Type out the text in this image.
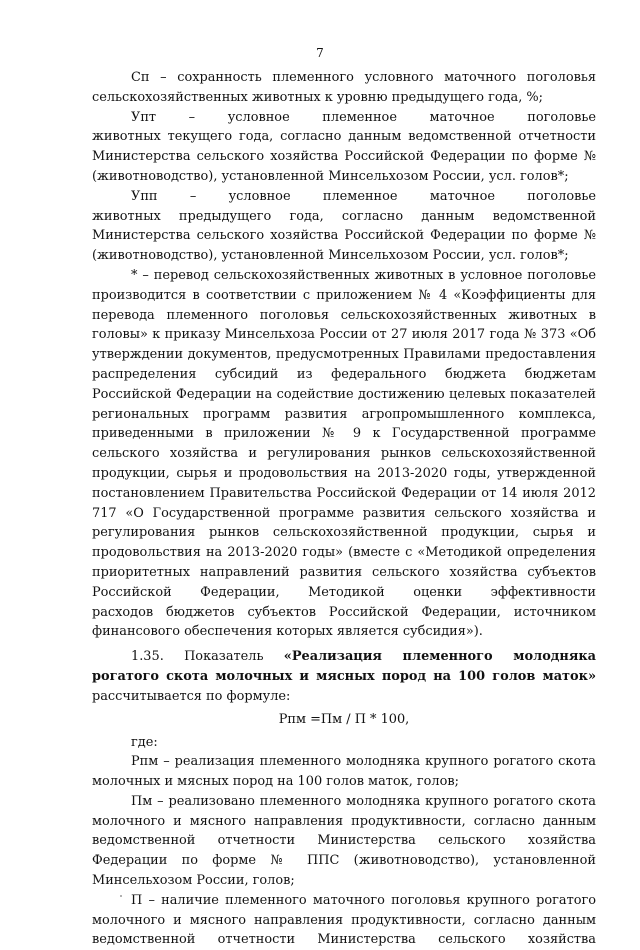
7
Сп – сохранность племенного условного маточного поголовья
сельскохозяйственных животных к уровню предыдущего года, %;
Упт – условное племенное маточное поголовье
животных текущего года, согласно данным ведомственной отчетности
Министерства сельского хозяйства Российской Федерации по форме №
(животноводство), установленной Минсельхозом России, усл. голов*;
Упп – условное племенное маточное поголовье
животных предыдущего года, согласно данным ведомственной
Министерства сельского хозяйства Российской Федерации по форме №
(животноводство), установленной Минсельхозом России, усл. голов*;
* – перевод сельскохозяйственных животных в условное поголовье
производится в соответствии с приложением № 4 «Коэффициенты для
перевода племенного поголовья сельскохозяйственных животных в
головы» к приказу Минсельхоза России от 27 июля 2017 года № 373 «Об
утверждении документов, предусмотренных Правилами предоставления
распределения субсидий из федерального бюджета бюджетам
Российской Федерации на содействие достижению целевых показателей
региональных программ развития агропромышленного комплекса,
приведенными в приложении № 9 к Государственной программе
сельского хозяйства и регулирования рынков сельскохозяйственной
продукции, сырья и продовольствия на 2013-2020 годы, утвержденной
постановлением Правительства Российской Федерации от 14 июля 2012
717 «О Государственной программе развития сельского хозяйства и
регулирования рынков сельскохозяйственной продукции, сырья и
продовольствия на 2013-2020 годы» (вместе с «Методикой определения
приоритетных направлений развития сельского хозяйства субъектов
Российской Федерации, Методикой оценки эффективности
расходов бюджетов субъектов Российской Федерации, источником
финансового обеспечения которых является субсидия»).
1.35. Показатель «Реализация племенного молодняка
рогатого скота молочных и мясных пород на 100 голов маток»
рассчитывается по формуле:
Рпм =Пм / П * 100,
где:
Рпм – реализация племенного молодняка крупного рогатого скота
молочных и мясных пород на 100 голов маток, голов;
Пм – реализовано племенного молодняка крупного рогатого скота
молочного и мясного направления продуктивности, согласно данным
ведомственной отчетности Министерства сельского хозяйства
Федерации по форме № ППС (животноводство), установленной
Минсельхозом России, голов;
П – наличие племенного маточного поголовья крупного рогатого
молочного и мясного направления продуктивности, согласно данным
ведомственной отчетности Министерства сельского хозяйства
